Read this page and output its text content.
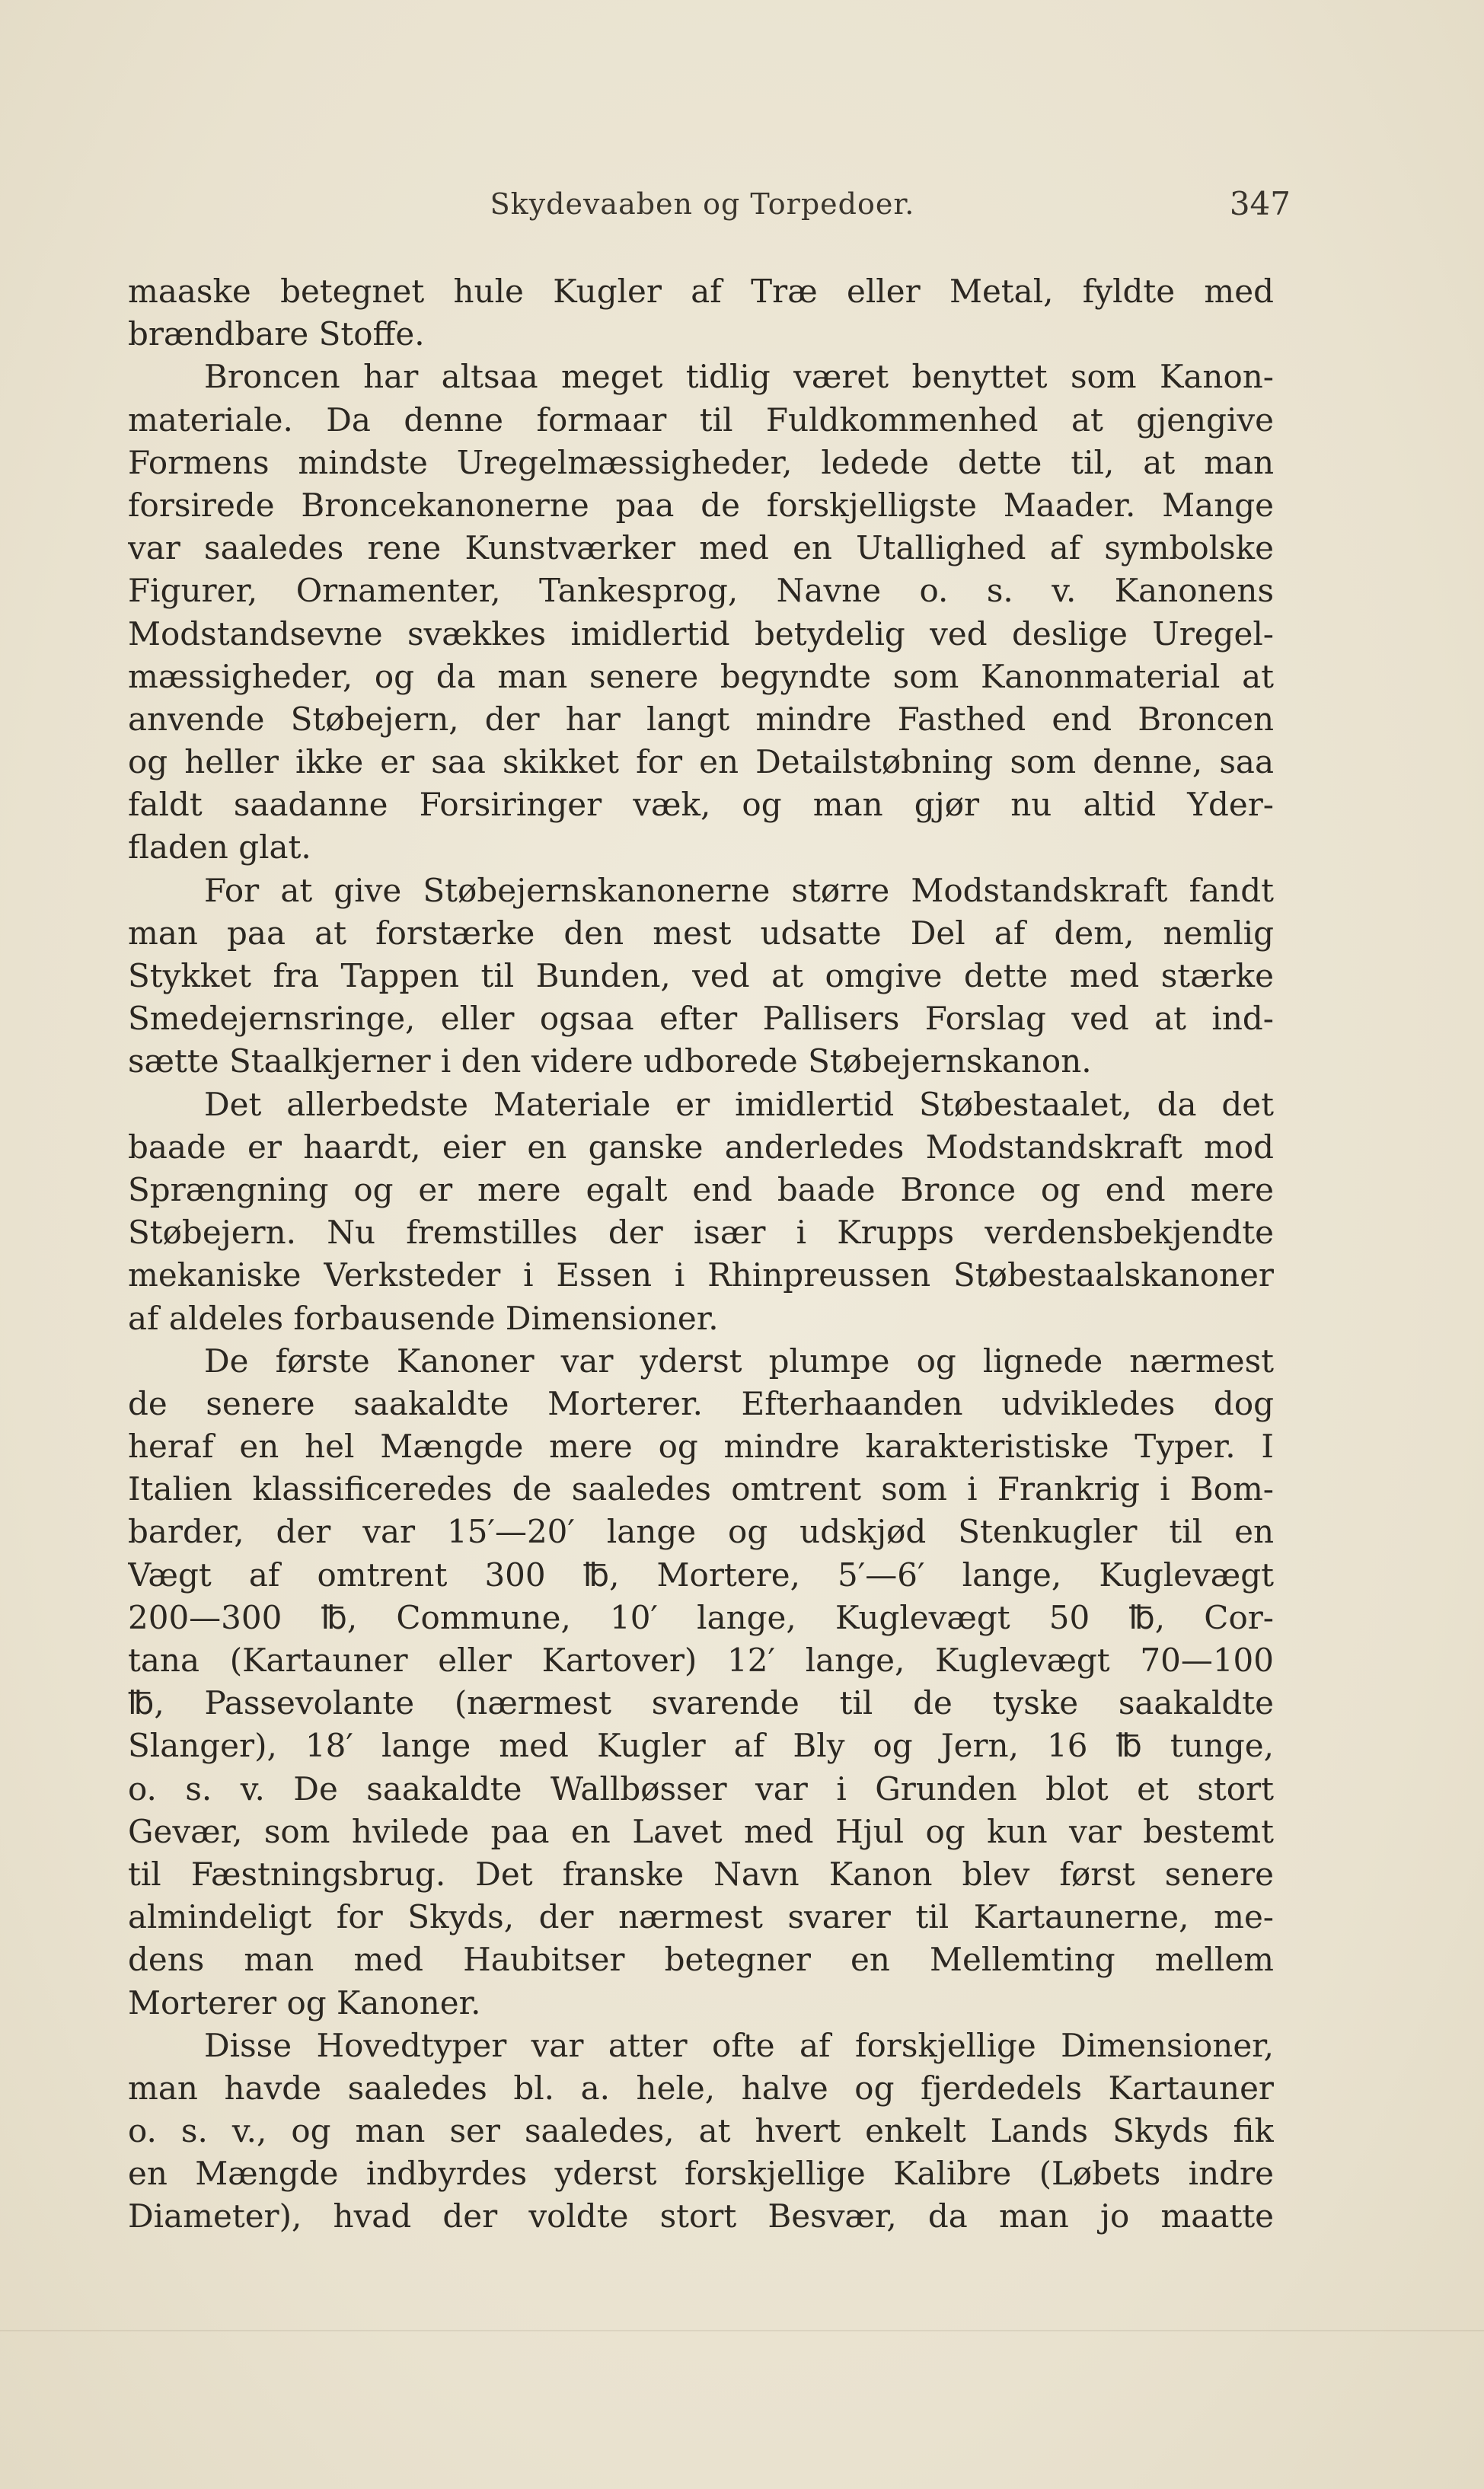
Skydevaaben og Torpedoer.	347
maaske betegnet hule Kugler af Træ eller Metal, fyldte med
brændbare Stoffe.
Broncen har altsaa meget tidlig været benyttet som Kanon-
materiale. Da denne formaar til Fuldkommenhed at gjengive
Formens mindste Uregelmæssigheder, ledede dette til, at man
forsirede Broncekanonerne paa de forskjelligste Maader. Mange
var saaledes rene Kunstværker med en Utallighed af symbolske
Figurer, Ornamenter, Tankesprog, Navne o. s. v. Kanonens
Modstandsevne svækkes imidlertid betydelig ved deslige Uregel-
mæssigheder, og da man senere begyndte som Kanonmaterial at
anvende Støbejern, der har langt mindre Fasthed end Broncen
og heller ikke er saa skikket for en Detailstøbning som denne, saa
faldt saadanne Forsiringer væk, og man gjør nu altid Yder-
fladen glat.
For at give Støbejernskanonerne større Modstandskraft fandt
man paa at forstærke den mest udsatte Del af dem, nemlig
Stykket fra Tappen til Bunden, ved at omgive dette med stærke
Smedejernsringe, eller ogsaa efter Pallisers Forslag ved at ind-
sætte Staalkjerner i den videre udborede Støbejernskanon.
Det allerbedste Materiale er imidlertid Støbestaalet, da det
baade er haardt, eier en ganske anderledes Modstandskraft mod
Sprængning og er mere egalt end baade Bronce og end mere
Støbejern. Nu fremstilles der især i Krupps verdensbekjendte
mekaniske Verksteder i Essen i Rhinpreussen Støbestaalskanoner
af aldeles forbausende Dimensioner.
De første Kanoner var yderst plumpe og lignede nærmest
de senere saakaldte Morterer. Efterhaanden udvikledes dog
heraf en hel Mængde mere og mindre karakteristiske Typer. I
Italien klassificeredes de saaledes omtrent som i Frankrig i Bom-
barder, der var 15′—20′ lange og udskjød Stenkugler til en
Vægt af omtrent 300 ℔, Mortere, 5′—6′ lange, Kuglevægt
200—300 ℔, Commune, 10′ lange, Kuglevægt 50 ℔, Cor-
tana (Kartauner eller Kartover) 12′ lange, Kuglevægt 70—100
℔, Passevolante (nærmest svarende til de tyske saakaldte
Slanger), 18′ lange med Kugler af Bly og Jern, 16 ℔ tunge,
o. s. v. De saakaldte Wallbøsser var i Grunden blot et stort
Gevær, som hvilede paa en Lavet med Hjul og kun var bestemt
til Fæstningsbrug. Det franske Navn Kanon blev først senere
almindeligt for Skyds, der nærmest svarer til Kartaunerne, me-
dens man med Haubitser betegner en Mellemting mellem
Morterer og Kanoner.
Disse Hovedtyper var atter ofte af forskjellige Dimensioner,
man havde saaledes bl. a. hele, halve og fjerdedels Kartauner
o. s. v., og man ser saaledes, at hvert enkelt Lands Skyds fik
en Mængde indbyrdes yderst forskjellige Kalibre (Løbets indre
Diameter), hvad der voldte stort Besvær, da man jo maatte
